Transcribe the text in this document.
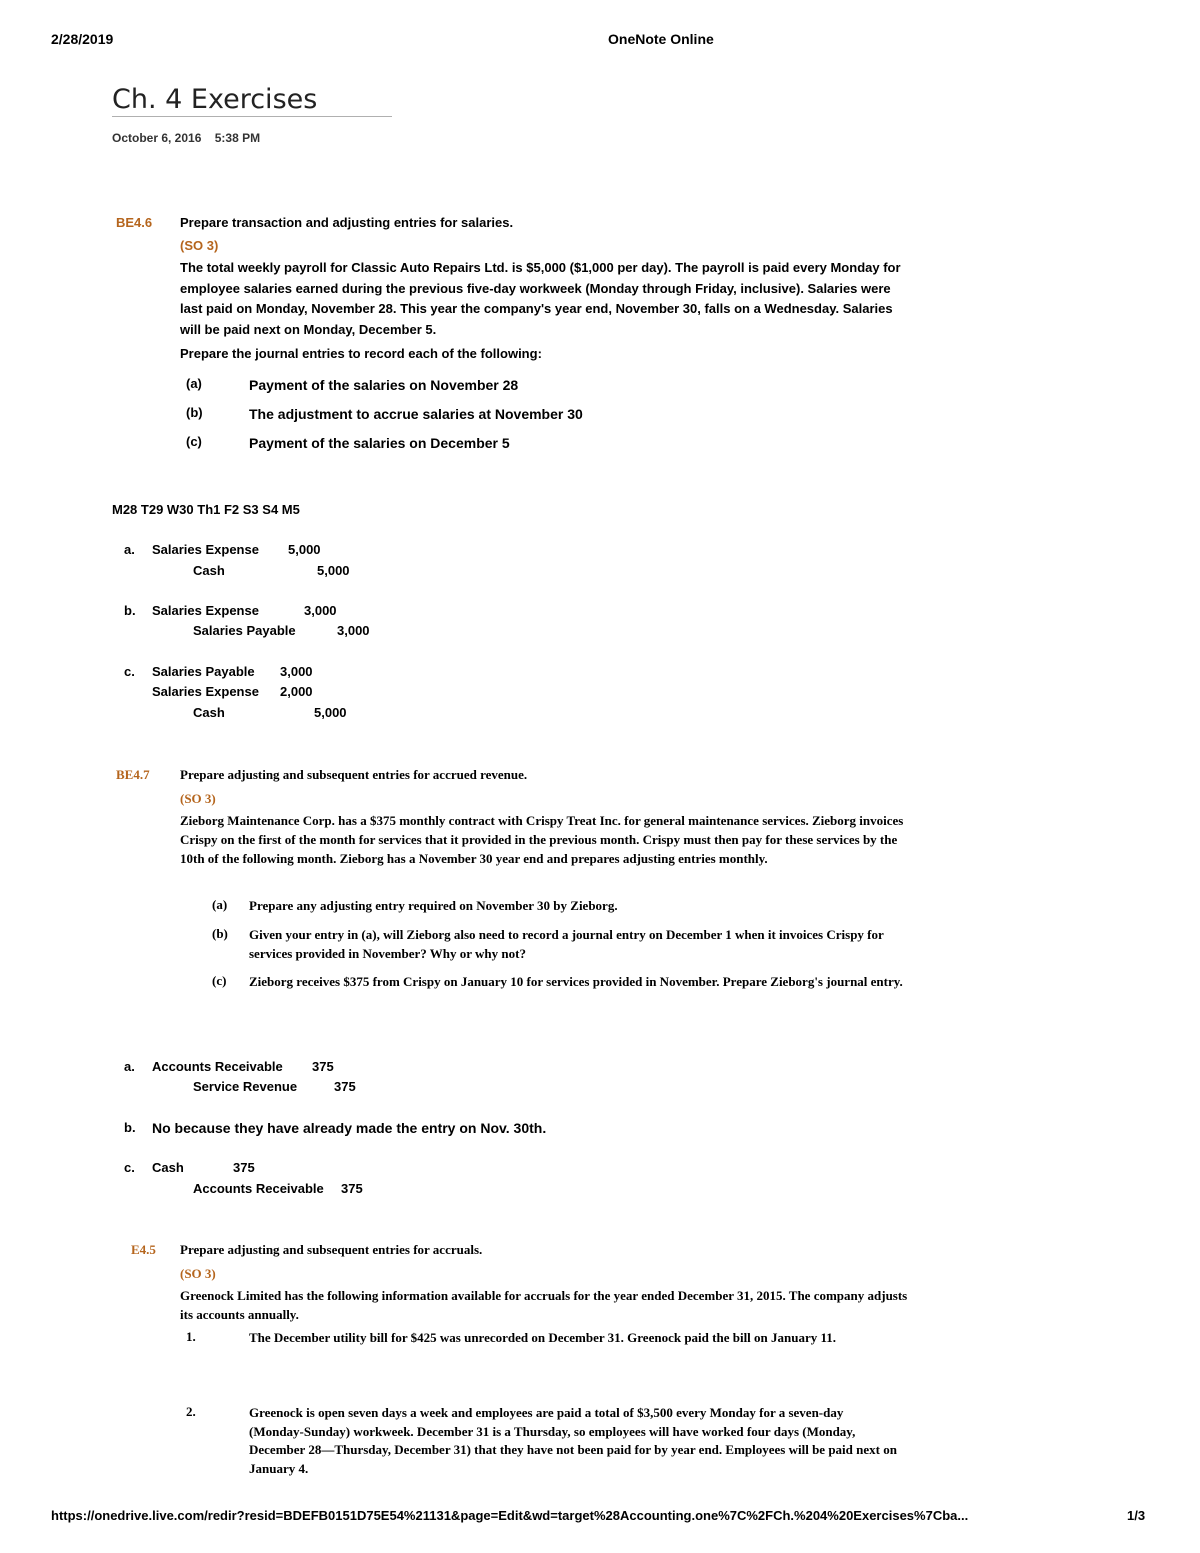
2/28/2019	OneNote Online
Ch. 4 Exercises
October 6, 2016 5:38 PM
BE4.6 Prepare transaction and adjusting entries for salaries.
(SO 3)
The total weekly payroll for Classic Auto Repairs Ltd. is $5,000 ($1,000 per day). The payroll is paid every Monday for employee salaries earned during the previous five-day workweek (Monday through Friday, inclusive). Salaries were last paid on Monday, November 28. This year the company's year end, November 30, falls on a Wednesday. Salaries will be paid next on Monday, December 5.
Prepare the journal entries to record each of the following:
(a)	Payment of the salaries on November 28
(b)	The adjustment to accrue salaries at November 30
(c)	Payment of the salaries on December 5
M28 T29 W30 Th1 F2 S3 S4 M5
a. Salaries Expense 5,000
Cash	5,000
b. Salaries Expense	3,000
Salaries Payable	3,000
c. Salaries Payable 3,000
Salaries Expense 2,000
Cash	5,000
BE4.7 Prepare adjusting and subsequent entries for accrued revenue.
(SO 3)
Zieborg Maintenance Corp. has a $375 monthly contract with Crispy Treat Inc. for general maintenance services. Zieborg invoices Crispy on the first of the month for services that it provided in the previous month. Crispy must then pay for these services by the 10th of the following month. Zieborg has a November 30 year end and prepares adjusting entries monthly.
(a) Prepare any adjusting entry required on November 30 by Zieborg.
(b) Given your entry in (a), will Zieborg also need to record a journal entry on December 1 when it invoices Crispy for services provided in November? Why or why not?
(c) Zieborg receives $375 from Crispy on January 10 for services provided in November. Prepare Zieborg's journal entry.
a. Accounts Receivable 375
Service Revenue	375
b. No because they have already made the entry on Nov. 30th.
c. Cash	375
Accounts Receivable 375
E4.5 Prepare adjusting and subsequent entries for accruals.
(SO 3)
Greenock Limited has the following information available for accruals for the year ended December 31, 2015. The company adjusts its accounts annually.
1.	The December utility bill for $425 was unrecorded on December 31. Greenock paid the bill on January 11.
2.	Greenock is open seven days a week and employees are paid a total of $3,500 every Monday for a seven-day (Monday-Sunday) workweek. December 31 is a Thursday, so employees will have worked four days (Monday, December 28—Thursday, December 31) that they have not been paid for by year end. Employees will be paid next on January 4.
https://onedrive.live.com/redir?resid=BDEFB0151D75E54%21131&page=Edit&wd=target%28Accounting.one%7C%2FCh.%204%20Exercises%7Cba...	1/3
